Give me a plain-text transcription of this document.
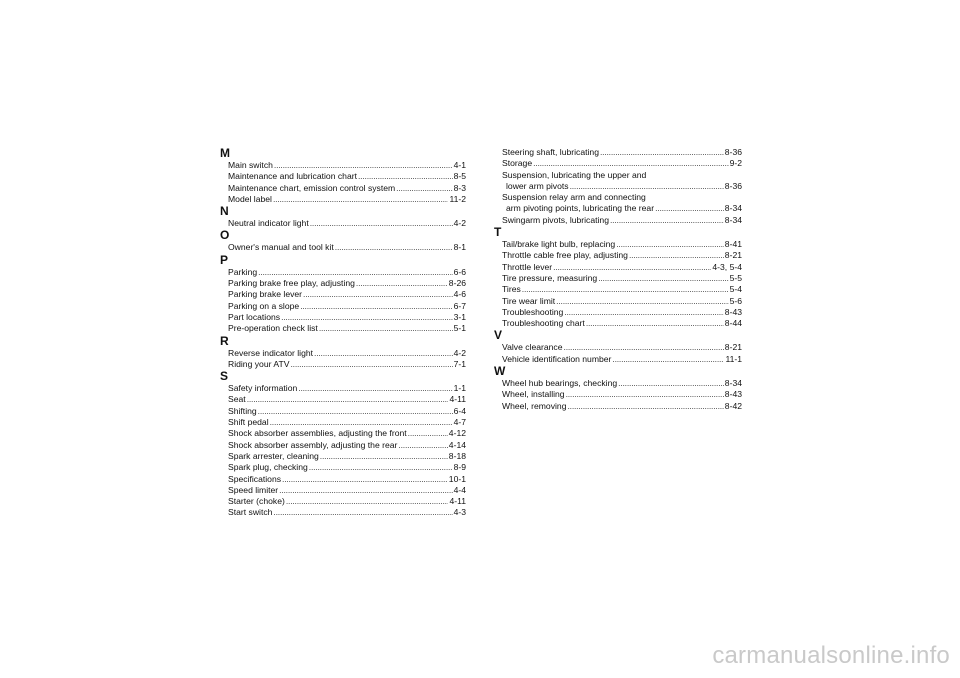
M
Main switch . . .	4-1
Maintenance and lubrication chart . . .	8-5
Maintenance chart, emission control system . . .	8-3
Model label . . .	11-2
N
Neutral indicator light . . .	4-2
O
Owner's manual and tool kit . . .	8-1
P
Parking . . .	6-6
Parking brake free play, adjusting . . .	8-26
Parking brake lever . . .	4-6
Parking on a slope . . .	6-7
Part locations . . .	3-1
Pre-operation check list . . .	5-1
R
Reverse indicator light . . .	4-2
Riding your ATV . . .	7-1
S
Safety information . . .	1-1
Seat . . .	4-11
Shifting . . .	6-4
Shift pedal . . .	4-7
Shock absorber assemblies, adjusting the front . . .	4-12
Shock absorber assembly, adjusting the rear . . .	4-14
Spark arrester, cleaning . . .	8-18
Spark plug, checking . . .	8-9
Specifications . . .	10-1
Speed limiter . . .	4-4
Starter (choke) . . .	4-11
Start switch . . .	4-3
Steering shaft, lubricating . . .	8-36
Storage . . .	9-2
Suspension, lubricating the upper and
lower arm pivots . . .	8-36
Suspension relay arm and connecting
arm pivoting points, lubricating the rear . . .	8-34
Swingarm pivots, lubricating . . .	8-34
T
Tail/brake light bulb, replacing . . .	8-41
Throttle cable free play, adjusting . . .	8-21
Throttle lever . . .	4-3, 5-4
Tire pressure, measuring . . .	5-5
Tires . . .	5-4
Tire wear limit . . .	5-6
Troubleshooting . . .	8-43
Troubleshooting chart . . .	8-44
V
Valve clearance . . .	8-21
Vehicle identification number . . .	11-1
W
Wheel hub bearings, checking . . .	8-34
Wheel, installing . . .	8-43
Wheel, removing . . .	8-42
carmanualsonline.info
